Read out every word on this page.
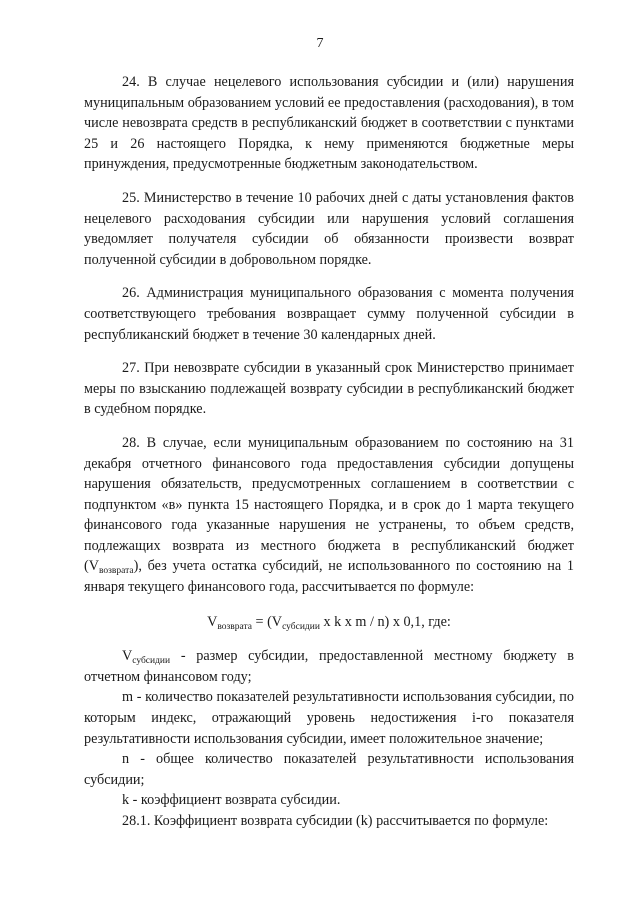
7

24. В случае нецелевого использования субсидии и (или) нарушения муниципальным образованием условий ее предоставления (расходования), в том числе невозврата средств в республиканский бюджет в соответствии с пунктами 25 и 26 настоящего Порядка, к нему применяются бюджетные меры принуждения, предусмотренные бюджетным законодательством.

25. Министерство в течение 10 рабочих дней с даты установления фактов нецелевого расходования субсидии или нарушения условий соглашения уведомляет получателя субсидии об обязанности произвести возврат полученной субсидии в добровольном порядке.

26. Администрация муниципального образования с момента получения соответствующего требования возвращает сумму полученной субсидии в республиканский бюджет в течение 30 календарных дней.

27. При невозврате субсидии в указанный срок Министерство принимает меры по взысканию подлежащей возврату субсидии в республиканский бюджет в судебном порядке.

28. В случае, если муниципальным образованием по состоянию на 31 декабря отчетного финансового года предоставления субсидии допущены нарушения обязательств, предусмотренных соглашением в соответствии с подпунктом «в» пункта 15 настоящего Порядка, и в срок до 1 марта текущего финансового года указанные нарушения не устранены, то объем средств, подлежащих возврата из местного бюджета в республиканский бюджет $(V_{возврата})$, без учета остатка субсидий, не использованного по состоянию на 1 января текущего финансового года, рассчитывается по формуле:

$V_{возврата} = (V_{субсидии}$ x k x m / n) x 0,1, где:

$V_{субсидии}$ - размер субсидии, предоставленной местному бюджету в отчетном финансовом году;

m - количество показателей результативности использования субсидии, по которым индекс, отражающий уровень недостижения i-го показателя результативности использования субсидии, имеет положительное значение;

n - общее количество показателей результативности использования субсидии;

k - коэффициент возврата субсидии.

28.1. Коэффициент возврата субсидии (k) рассчитывается по формуле:
